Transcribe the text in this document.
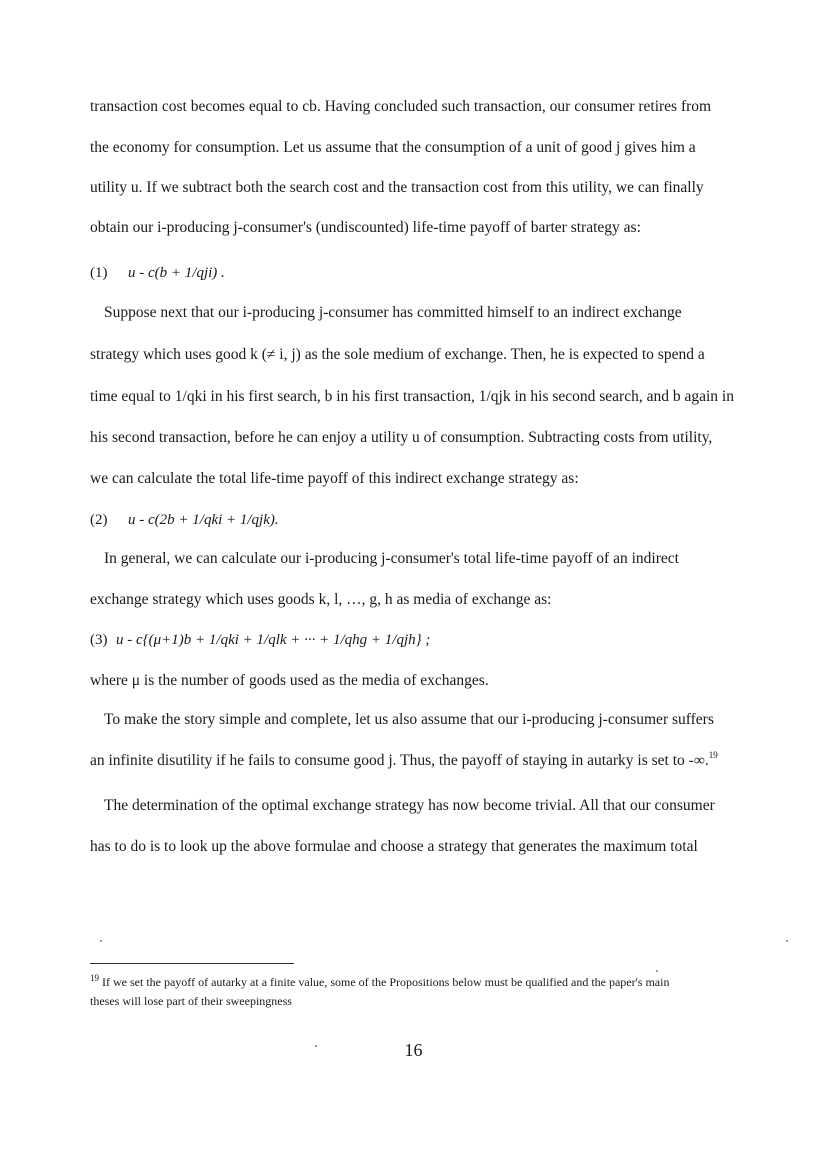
transaction cost becomes equal to cb. Having concluded such transaction, our consumer retires from
the economy for consumption. Let us assume that the consumption of a unit of good j gives him a
utility u. If we subtract both the search cost and the transaction cost from this utility, we can finally
obtain our i-producing j-consumer's (undiscounted) life-time payoff of barter strategy as:
(1) u - c(b + 1/qji) .
Suppose next that our i-producing j-consumer has committed himself to an indirect exchange
strategy which uses good k (≠ i, j) as the sole medium of exchange. Then, he is expected to spend a
time equal to 1/qki in his first search, b in his first transaction, 1/qjk in his second search, and b again in
his second transaction, before he can enjoy a utility u of consumption. Subtracting costs from utility,
we can calculate the total life-time payoff of this indirect exchange strategy as:
(2) u - c(2b + 1/qki + 1/qjk).
In general, we can calculate our i-producing j-consumer's total life-time payoff of an indirect
exchange strategy which uses goods k, l, …, g, h as media of exchange as:
(3) u - c{(μ+1)b + 1/qki + 1/qlk + ··· + 1/qhg + 1/qjh} ;
where μ is the number of goods used as the media of exchanges.
To make the story simple and complete, let us also assume that our i-producing j-consumer suffers
an infinite disutility if he fails to consume good j. Thus, the payoff of staying in autarky is set to -∞.$^{19}$
The determination of the optimal exchange strategy has now become trivial. All that our consumer
has to do is to look up the above formulae and choose a strategy that generates the maximum total
$^{19}$ If we set the payoff of autarky at a finite value, some of the Propositions below must be qualified and the paper's main
theses will lose part of their sweepingness
16
